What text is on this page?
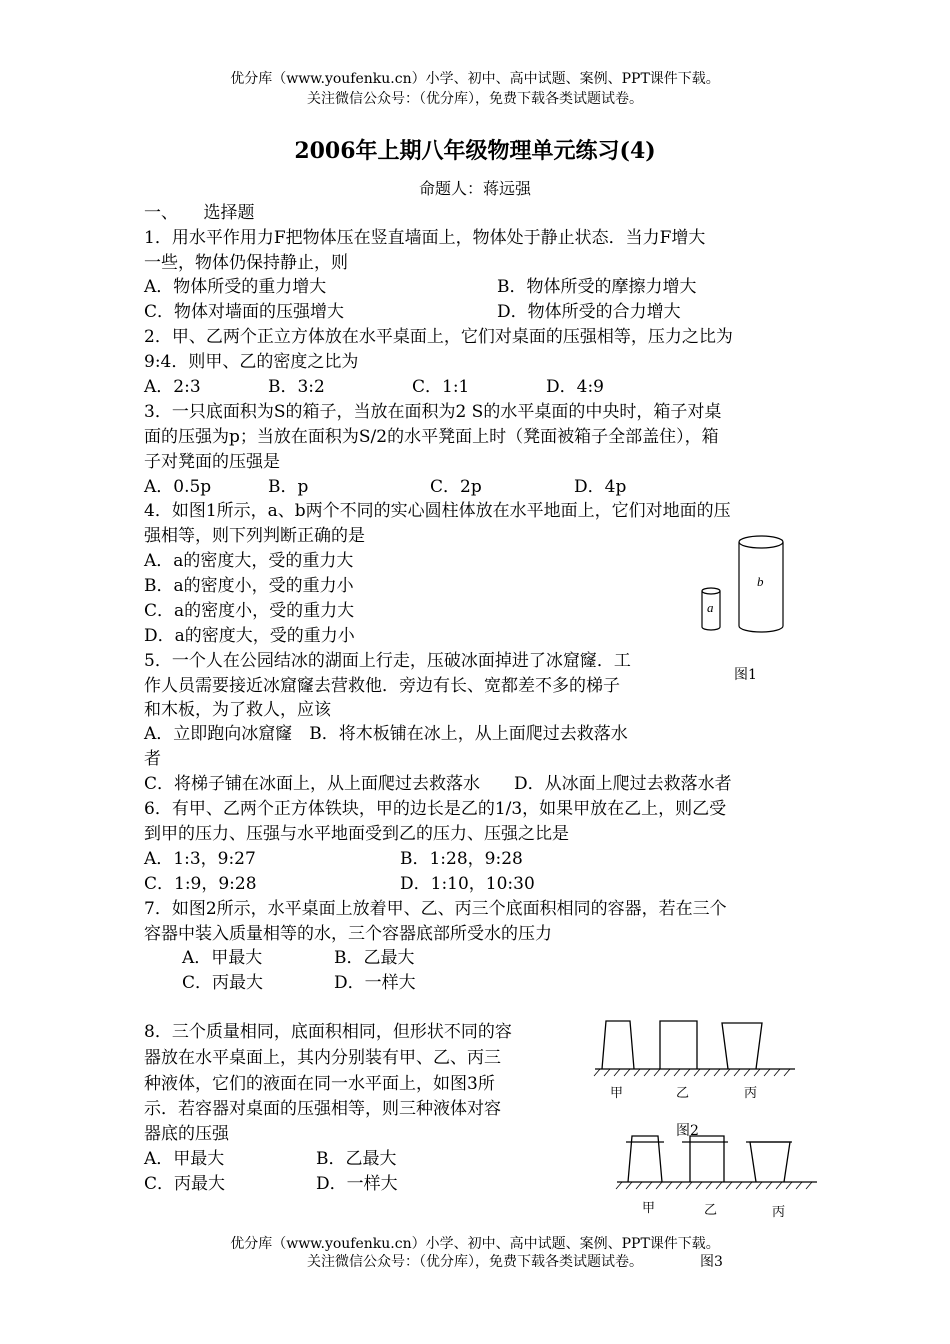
优分库（www.youfenku.cn）小学、初中、高中试题、案例、PPT课件下载。
关注微信公众号：（优分库），免费下载各类试题试卷。
2006年上期八年级物理单元练习(4)
命题人：蒋远强
一、　　选择题
1．用水平作用力F把物体压在竖直墙面上，物体处于静止状态．当力F增大
一些，物体仍保持静止，则
A．物体所受的重力增大	B．物体所受的摩擦力增大
C．物体对墙面的压强增大	D．物体所受的合力增大
2．甲、乙两个正立方体放在水平桌面上，它们对桌面的压强相等，压力之比为
9:4．则甲、乙的密度之比为
A．2:3	B．3:2	C．1:1	D．4:9
3．一只底面积为S的箱子，当放在面积为2 S的水平桌面的中央时，箱子对桌
面的压强为p；当放在面积为S/2的水平凳面上时（凳面被箱子全部盖住），箱
子对凳面的压强是
A．0.5p	B．p	C．2p	D．4p
4．如图1所示，a、b两个不同的实心圆柱体放在水平地面上，它们对地面的压
强相等，则下列判断正确的是
A．a的密度大，受的重力大
B．a的密度小，受的重力小
C．a的密度小，受的重力大
D．a的密度大，受的重力小
a
b
图1
5．一个人在公园结冰的湖面上行走，压破冰面掉进了冰窟窿．工
作人员需要接近冰窟窿去营救他．旁边有长、宽都差不多的梯子
和木板，为了救人，应该
A．立即跑向冰窟窿　B．将木板铺在冰上，从上面爬过去救落水
者
C．将梯子铺在冰面上，从上面爬过去救落水　　D．从冰面上爬过去救落水者
6．有甲、乙两个正方体铁块，甲的边长是乙的1/3，如果甲放在乙上，则乙受
到甲的压力、压强与水平地面受到乙的压力、压强之比是
A．1:3，9:27	B．1:28，9:28
C．1:9，9:28	D．1:10，10:30
7．如图2所示，水平桌面上放着甲、乙、丙三个底面积相同的容器，若在三个
容器中装入质量相等的水，三个容器底部所受水的压力
A．甲最大	B．乙最大
C．丙最大	D．一样大
8．三个质量相同，底面积相同，但形状不同的容
器放在水平桌面上，其内分别装有甲、乙、丙三
种液体，它们的液面在同一水平面上，如图3所
示．若容器对桌面的压强相等，则三种液体对容
器底的压强
A．甲最大	B．乙最大
C．丙最大	D．一样大
甲	乙	丙
图2
甲	乙	丙
优分库（www.youfenku.cn）小学、初中、高中试题、案例、PPT课件下载。
关注微信公众号：（优分库），免费下载各类试题试卷。	图3
